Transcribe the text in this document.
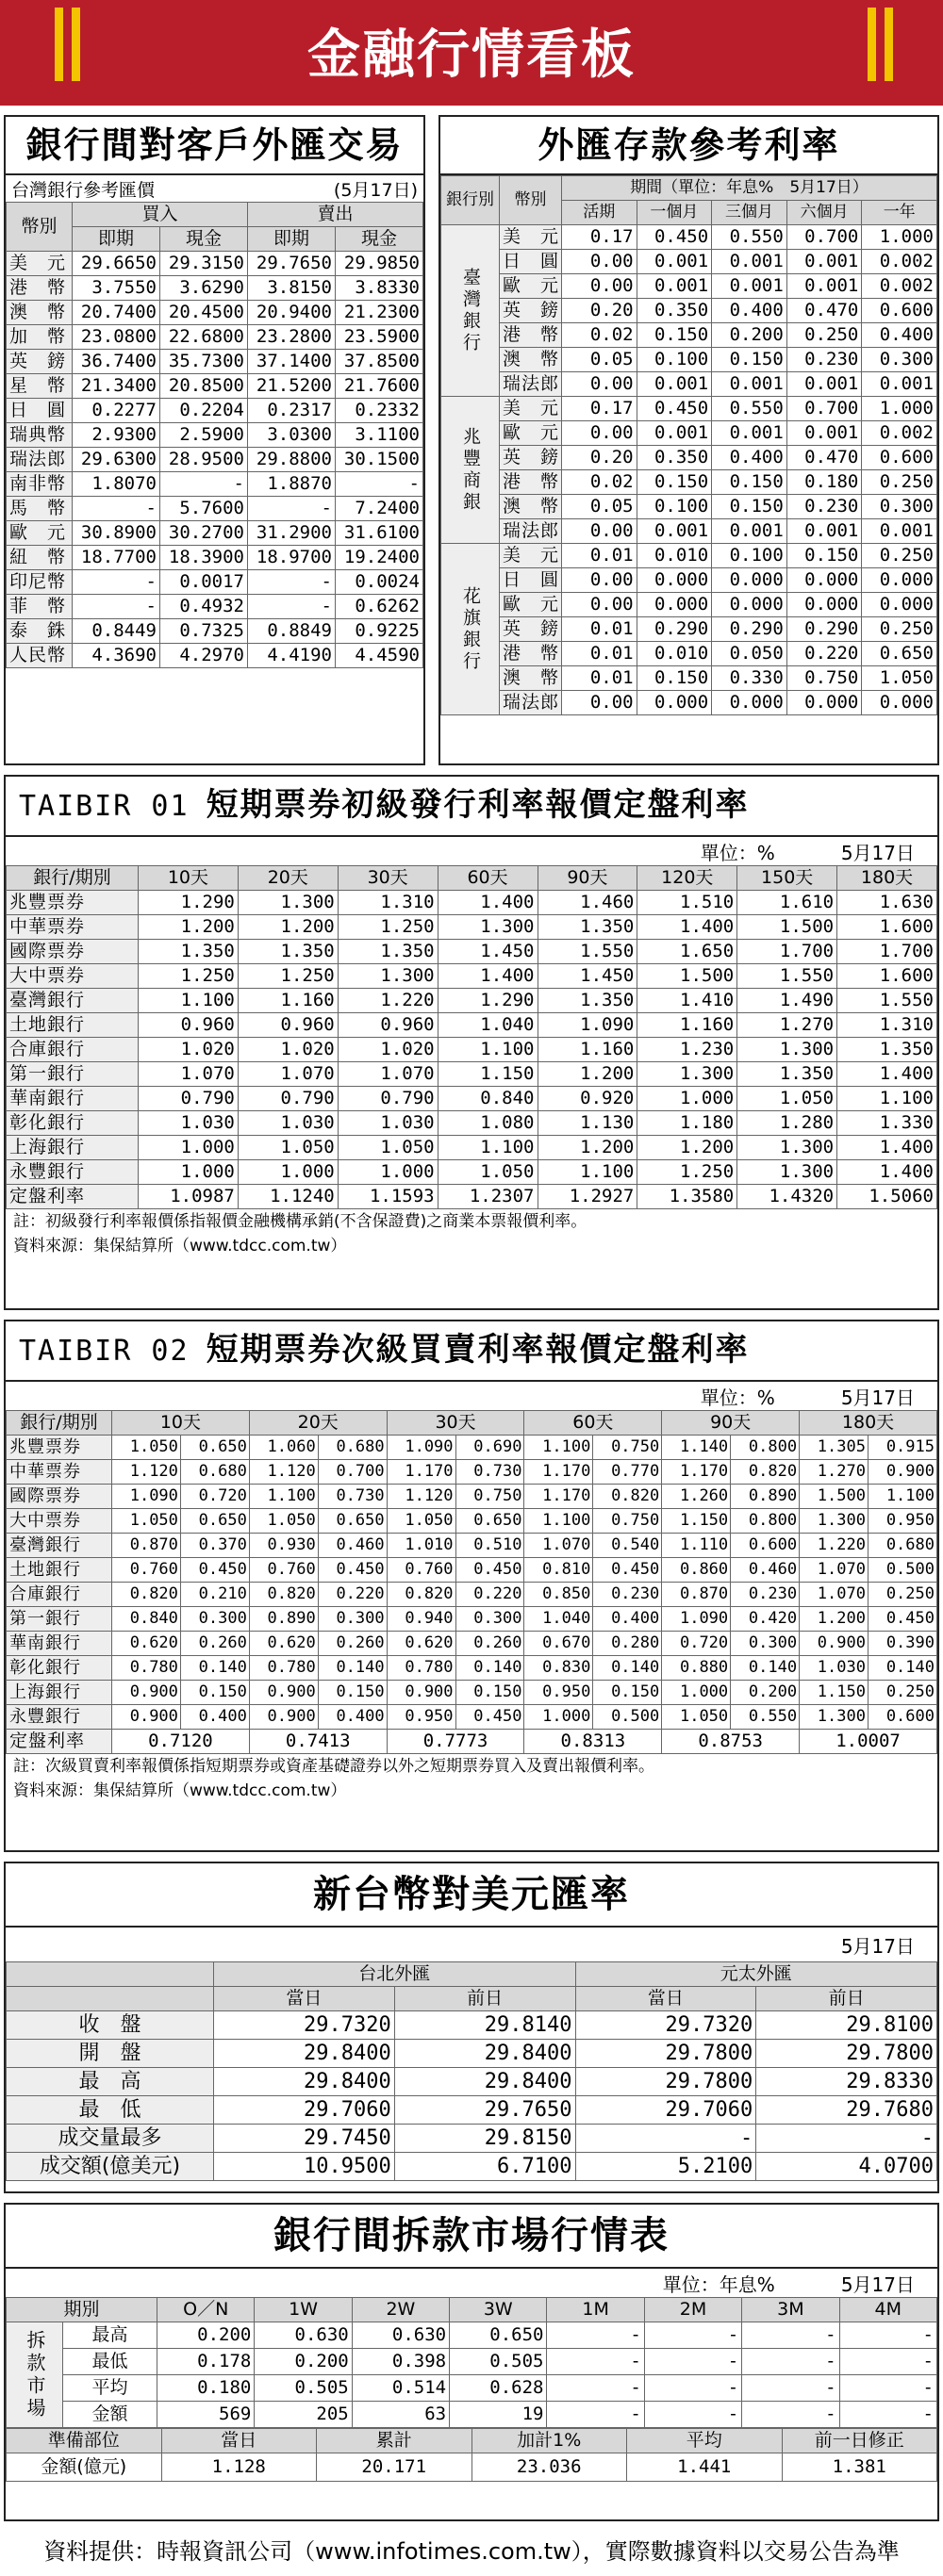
金融行情看板
銀行間對客戶外匯交易
台灣銀行參考匯價	(5月17日)
幣別	買入		賣出	
	即期	現金	即期	現金
美　元	29.6650	29.3150	29.7650	29.9850
港　幣	3.7550	3.6290	3.8150	3.8330
澳　幣	20.7400	20.4500	20.9400	21.2300
加　幣	23.0800	22.6800	23.2800	23.5900
英　鎊	36.7400	35.7300	37.1400	37.8500
星　幣	21.3400	20.8500	21.5200	21.7600
日　圓	0.2277	0.2204	0.2317	0.2332
瑞典幣	2.9300	2.5900	3.0300	3.1100
瑞法郎	29.6300	28.9500	29.8800	30.1500
南非幣	1.8070	-	1.8870	-
馬　幣	-	5.7600	-	7.2400
歐　元	30.8900	30.2700	31.2900	31.6100
紐　幣	18.7700	18.3900	18.9700	19.2400
印尼幣	-	0.0017	-	0.0024
菲　幣	-	0.4932	-	0.6262
泰　銖	0.8449	0.7325	0.8849	0.9225
人民幣	4.3690	4.2970	4.4190	4.4590
外匯存款參考利率
銀行別	幣別	期間（單位：年息%　5月17日）				
		活期	一個月	三個月	六個月	一年
臺灣銀行	美　元	0.17	0.450	0.550	0.700	1.000
	日　圓	0.00	0.001	0.001	0.001	0.002
	歐　元	0.00	0.001	0.001	0.001	0.002
	英　鎊	0.20	0.350	0.400	0.470	0.600
	港　幣	0.02	0.150	0.200	0.250	0.400
	澳　幣	0.05	0.100	0.150	0.230	0.300
	瑞法郎	0.00	0.001	0.001	0.001	0.001
兆豐商銀	美　元	0.17	0.450	0.550	0.700	1.000
	歐　元	0.00	0.001	0.001	0.001	0.002
	英　鎊	0.20	0.350	0.400	0.470	0.600
	港　幣	0.02	0.150	0.150	0.180	0.250
	澳　幣	0.05	0.100	0.150	0.230	0.300
	瑞法郎	0.00	0.001	0.001	0.001	0.001
花旗銀行	美　元	0.01	0.010	0.100	0.150	0.250
	日　圓	0.00	0.000	0.000	0.000	0.000
	歐　元	0.00	0.000	0.000	0.000	0.000
	英　鎊	0.01	0.290	0.290	0.290	0.250
	港　幣	0.01	0.010	0.050	0.220	0.650
	澳　幣	0.01	0.150	0.330	0.750	1.050
	瑞法郎	0.00	0.000	0.000	0.000	0.000
TAIBIR 01 短期票券初級發行利率報價定盤利率
單位：%	5月17日
銀行/期別	10天	20天	30天	60天	90天	120天	150天	180天
兆豐票券	1.290	1.300	1.310	1.400	1.460	1.510	1.610	1.630
中華票券	1.200	1.200	1.250	1.300	1.350	1.400	1.500	1.600
國際票券	1.350	1.350	1.350	1.450	1.550	1.650	1.700	1.700
大中票券	1.250	1.250	1.300	1.400	1.450	1.500	1.550	1.600
臺灣銀行	1.100	1.160	1.220	1.290	1.350	1.410	1.490	1.550
土地銀行	0.960	0.960	0.960	1.040	1.090	1.160	1.270	1.310
合庫銀行	1.020	1.020	1.020	1.100	1.160	1.230	1.300	1.350
第一銀行	1.070	1.070	1.070	1.150	1.200	1.300	1.350	1.400
華南銀行	0.790	0.790	0.790	0.840	0.920	1.000	1.050	1.100
彰化銀行	1.030	1.030	1.030	1.080	1.130	1.180	1.280	1.330
上海銀行	1.000	1.050	1.050	1.100	1.200	1.200	1.300	1.400
永豐銀行	1.000	1.000	1.000	1.050	1.100	1.250	1.300	1.400
定盤利率	1.0987	1.1240	1.1593	1.2307	1.2927	1.3580	1.4320	1.5060
註：初級發行利率報價係指報價金融機構承銷(不含保證費)之商業本票報價利率。
資料來源：集保結算所（www.tdcc.com.tw）
TAIBIR 02 短期票券次級買賣利率報價定盤利率
單位：%	5月17日
銀行/期別	10天		20天		30天		60天		90天		180天	
兆豐票券	1.050	0.650	1.060	0.680	1.090	0.690	1.100	0.750	1.140	0.800	1.305	0.915
中華票券	1.120	0.680	1.120	0.700	1.170	0.730	1.170	0.770	1.170	0.820	1.270	0.900
國際票券	1.090	0.720	1.100	0.730	1.120	0.750	1.170	0.820	1.260	0.890	1.500	1.100
大中票券	1.050	0.650	1.050	0.650	1.050	0.650	1.100	0.750	1.150	0.800	1.300	0.950
臺灣銀行	0.870	0.370	0.930	0.460	1.010	0.510	1.070	0.540	1.110	0.600	1.220	0.680
土地銀行	0.760	0.450	0.760	0.450	0.760	0.450	0.810	0.450	0.860	0.460	1.070	0.500
合庫銀行	0.820	0.210	0.820	0.220	0.820	0.220	0.850	0.230	0.870	0.230	1.070	0.250
第一銀行	0.840	0.300	0.890	0.300	0.940	0.300	1.040	0.400	1.090	0.420	1.200	0.450
華南銀行	0.620	0.260	0.620	0.260	0.620	0.260	0.670	0.280	0.720	0.300	0.900	0.390
彰化銀行	0.780	0.140	0.780	0.140	0.780	0.140	0.830	0.140	0.880	0.140	1.030	0.140
上海銀行	0.900	0.150	0.900	0.150	0.900	0.150	0.950	0.150	1.000	0.200	1.150	0.250
永豐銀行	0.900	0.400	0.900	0.400	0.950	0.450	1.000	0.500	1.050	0.550	1.300	0.600
定盤利率	0.7120		0.7413		0.7773		0.8313		0.8753		1.0007	
註：次級買賣利率報價係指短期票券或資產基礎證券以外之短期票券買入及賣出報價利率。
資料來源：集保結算所（www.tdcc.com.tw）
新台幣對美元匯率
5月17日
	台北外匯		元太外匯	
	當日	前日	當日	前日
收　盤	29.7320	29.8140	29.7320	29.8100
開　盤	29.8400	29.8400	29.7800	29.7800
最　高	29.8400	29.8400	29.7800	29.8330
最　低	29.7060	29.7650	29.7060	29.7680
成交量最多	29.7450	29.8150	-	-
成交額(億美元)	10.9500	6.7100	5.2100	4.0700
銀行間拆款市場行情表
單位：年息%	5月17日
期別		O／N	1W	2W	3W	1M	2M	3M	4M
拆款市場	最高	0.200	0.630	0.630	0.650	-	-	-	-
	最低	0.178	0.200	0.398	0.505	-	-	-	-
	平均	0.180	0.505	0.514	0.628	-	-	-	-
	金額	569	205	63	19	-	-	-	-
準備部位	當日	累計	加計1%	平均	前一日修正
金額(億元)	1.128	20.171	23.036	1.441	1.381
資料提供：時報資訊公司（www.infotimes.com.tw），實際數據資料以交易公告為準
